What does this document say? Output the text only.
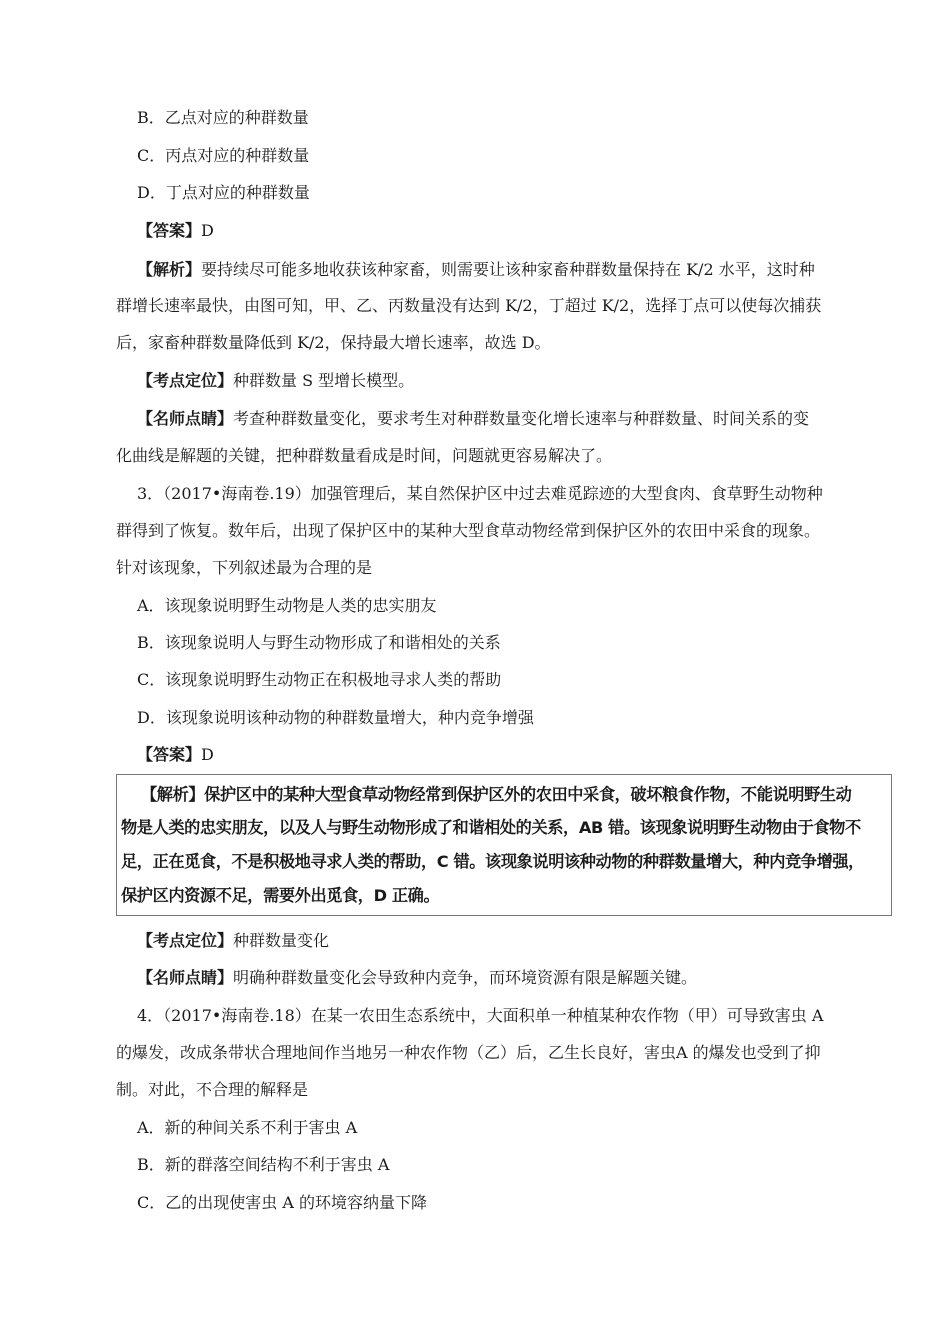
B．乙点对应的种群数量
C．丙点对应的种群数量
D．丁点对应的种群数量
【答案】D
【解析】要持续尽可能多地收获该种家畜，则需要让该种家畜种群数量保持在 K/2 水平，这时种
群增长速率最快，由图可知，甲、乙、丙数量没有达到 K/2，丁超过 K/2，选择丁点可以使每次捕获
后，家畜种群数量降低到 K/2，保持最大增长速率，故选 D。
【考点定位】种群数量 S 型增长模型。
【名师点睛】考查种群数量变化，要求考生对种群数量变化增长速率与种群数量、时间关系的变
化曲线是解题的关键，把种群数量看成是时间，问题就更容易解决了。
3．（2017•海南卷.19）加强管理后，某自然保护区中过去难觅踪迹的大型食肉、食草野生动物种
群得到了恢复。数年后，出现了保护区中的某种大型食草动物经常到保护区外的农田中采食的现象。
针对该现象，下列叙述最为合理的是
A．该现象说明野生动物是人类的忠实朋友
B．该现象说明人与野生动物形成了和谐相处的关系
C．该现象说明野生动物正在积极地寻求人类的帮助
D．该现象说明该种动物的种群数量增大，种内竞争增强
【答案】D
【解析】保护区中的某种大型食草动物经常到保护区外的农田中采食，破坏粮食作物，不能说明野生动
物是人类的忠实朋友，以及人与野生动物形成了和谐相处的关系，AB 错。该现象说明野生动物由于食物不
足，正在觅食，不是积极地寻求人类的帮助，C 错。该现象说明该种动物的种群数量增大，种内竞争增强，
保护区内资源不足，需要外出觅食，D 正确。
【考点定位】种群数量变化
【名师点睛】明确种群数量变化会导致种内竞争，而环境资源有限是解题关键。
4．（2017•海南卷.18）在某一农田生态系统中，大面积单一种植某种农作物（甲）可导致害虫 A
的爆发，改成条带状合理地间作当地另一种农作物（乙）后，乙生长良好，害虫A 的爆发也受到了抑
制。对此，不合理的解释是
A．新的种间关系不利于害虫 A
B．新的群落空间结构不利于害虫 A
C．乙的出现使害虫 A 的环境容纳量下降
